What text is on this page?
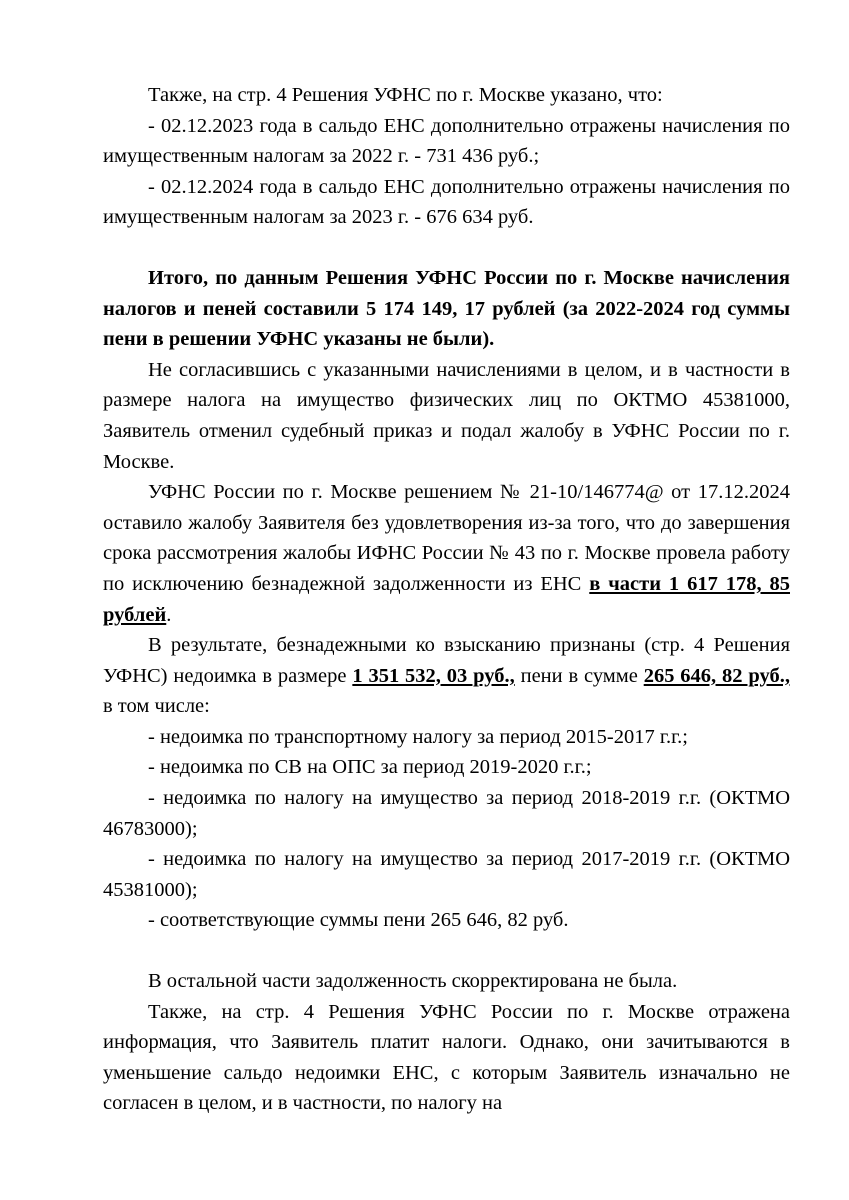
Также, на стр. 4 Решения УФНС по г. Москве указано, что:

- 02.12.2023 года в сальдо ЕНС дополнительно отражены начисления по имущественным налогам за 2022 г. - 731 436 руб.;

- 02.12.2024 года в сальдо ЕНС дополнительно отражены начисления по имущественным налогам за 2023 г. - 676 634 руб.

Итого, по данным Решения УФНС России по г. Москве начисления налогов и пеней составили 5 174 149, 17 рублей (за 2022-2024 год суммы пени в решении УФНС указаны не были).

Не согласившись с указанными начислениями в целом, и в частности в размере налога на имущество физических лиц по ОКТМО 45381000, Заявитель отменил судебный приказ и подал жалобу в УФНС России по г. Москве.

УФНС России по г. Москве решением № 21-10/146774@ от 17.12.2024 оставило жалобу Заявителя без удовлетворения из-за того, что до завершения срока рассмотрения жалобы ИФНС России № 43 по г. Москве провела работу по исключению безнадежной задолженности из ЕНС в части 1 617 178, 85 рублей.

В результате, безнадежными ко взысканию признаны (стр. 4 Решения УФНС) недоимка в размере 1 351 532, 03 руб., пени в сумме 265 646, 82 руб., в том числе:

- недоимка по транспортному налогу за период 2015-2017 г.г.;

- недоимка по СВ на ОПС за период 2019-2020 г.г.;

- недоимка по налогу на имущество за период 2018-2019 г.г. (ОКТМО 46783000);

- недоимка по налогу на имущество за период 2017-2019 г.г. (ОКТМО 45381000);

- соответствующие суммы пени 265 646, 82 руб.

В остальной части задолженность скорректирована не была.

Также, на стр. 4 Решения УФНС России по г. Москве отражена информация, что Заявитель платит налоги. Однако, они зачитываются в уменьшение сальдо недоимки ЕНС, с которым Заявитель изначально не согласен в целом, и в частности, по налогу на
